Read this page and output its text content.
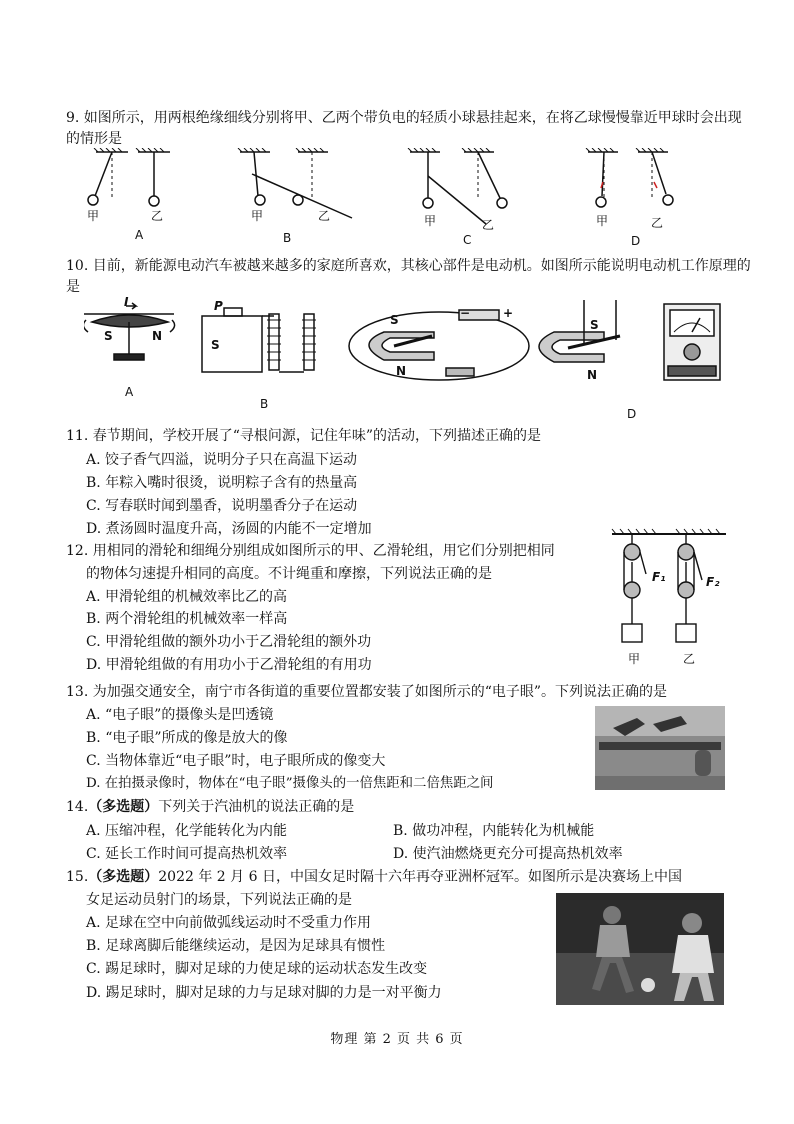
9. 如图所示，用两根绝缘细线分别将甲、乙两个带负电的轻质小球悬挂起来，在将乙球慢慢靠近甲球时会出现的情形是

甲	乙	甲	乙	甲	乙	甲	乙
A	B	C	D

10. 目前，新能源电动汽车被越来越多的家庭所喜欢，其核心部件是电动机。如图所示能说明电动机工作原理的是

I
S	N
P
S
S
N
−	+
S
N
A
B
D

11. 春节期间，学校开展了“寻根问源，记住年味”的活动，下列描述正确的是

A. 饺子香气四溢，说明分子只在高温下运动
B. 年粽入嘴时很烫，说明粽子含有的热量高
C. 写春联时闻到墨香，说明墨香分子在运动
D. 煮汤圆时温度升高，汤圆的内能不一定增加
12. 用相同的滑轮和细绳分别组成如图所示的甲、乙滑轮组，用它们分别把相同
的物体匀速提升相同的高度。不计绳重和摩擦，下列说法正确的是
A. 甲滑轮组的机械效率比乙的高
B. 两个滑轮组的机械效率一样高
C. 甲滑轮组做的额外功小于乙滑轮组的额外功
D. 甲滑轮组做的有用功小于乙滑轮组的有用功
F₁	F₂
甲	乙

13. 为加强交通安全，南宁市各街道的重要位置都安装了如图所示的“电子眼”。下列说法正确的是

A. “电子眼”的摄像头是凹透镜
B. “电子眼”所成的像是放大的像
C. 当物体靠近“电子眼”时，电子眼所成的像变大
D. 在拍摄录像时，物体在“电子眼”摄像头的一倍焦距和二倍焦距之间

14.（多选题）下列关于汽油机的说法正确的是

A. 压缩冲程，化学能转化为内能	B. 做功冲程，内能转化为机械能
C. 延长工作时间可提高热机效率	D. 使汽油燃烧更充分可提高热机效率

15.（多选题）2022 年 2 月 6 日，中国女足时隔十六年再夺亚洲杯冠军。如图所示是决赛场上中国

女足运动员射门的场景，下列说法正确的是
A. 足球在空中向前做弧线运动时不受重力作用
B. 足球离脚后能继续运动，是因为足球具有惯性
C. 踢足球时，脚对足球的力使足球的运动状态发生改变
D. 踢足球时，脚对足球的力与足球对脚的力是一对平衡力
物理 第 2 页 共 6 页
